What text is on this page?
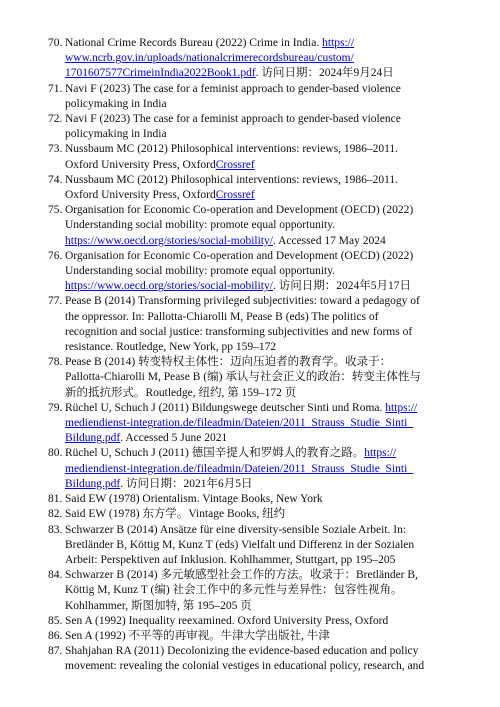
70. National Crime Records Bureau (2022) Crime in India. https://
www.ncrb.gov.in/uploads/nationalcrimerecordsbureau/custom/
1701607577CrimeinIndia2022Book1.pdf. 访问日期：2024年9月24日
71. Navi F (2023) The case for a feminist approach to gender-based violence
policymaking in India
72. Navi F (2023) The case for a feminist approach to gender-based violence
policymaking in India
73. Nussbaum MC (2012) Philosophical interventions: reviews, 1986–2011.
Oxford University Press, OxfordCrossref
74. Nussbaum MC (2012) Philosophical interventions: reviews, 1986–2011.
Oxford University Press, OxfordCrossref
75. Organisation for Economic Co-operation and Development (OECD) (2022)
Understanding social mobility: promote equal opportunity.
https://www.oecd.org/stories/social-mobility/. Accessed 17 May 2024
76. Organisation for Economic Co-operation and Development (OECD) (2022)
Understanding social mobility: promote equal opportunity.
https://www.oecd.org/stories/social-mobility/. 访问日期：2024年5月17日
77. Pease B (2014) Transforming privileged subjectivities: toward a pedagogy of
the oppressor. In: Pallotta-Chiarolli M, Pease B (eds) The politics of
recognition and social justice: transforming subjectivities and new forms of
resistance. Routledge, New York, pp 159–172
78. Pease B (2014) 转变特权主体性：迈向压迫者的教育学。收录于：
Pallotta-Chiarolli M, Pease B (编) 承认与社会正义的政治：转变主体性与
新的抵抗形式。Routledge, 纽约, 第 159–172 页
79. Rüchel U, Schuch J (2011) Bildungswege deutscher Sinti und Roma. https://
mediendienst-integration.de/fileadmin/Dateien/2011_Strauss_Studie_Sinti_
Bildung.pdf. Accessed 5 June 2021
80. Rüchel U, Schuch J (2011) 德国辛提人和罗姆人的教育之路。https://
mediendienst-integration.de/fileadmin/Dateien/2011_Strauss_Studie_Sinti_
Bildung.pdf. 访问日期：2021年6月5日
81. Said EW (1978) Orientalism. Vintage Books, New York
82. Said EW (1978) 东方学。Vintage Books, 纽约
83. Schwarzer B (2014) Ansätze für eine diversity-sensible Soziale Arbeit. In:
Bretländer B, Köttig M, Kunz T (eds) Vielfalt und Differenz in der Sozialen
Arbeit: Perspektiven auf Inklusion. Kohlhammer, Stuttgart, pp 195–205
84. Schwarzer B (2014) 多元敏感型社会工作的方法。收录于：Bretländer B,
Köttig M, Kunz T (编) 社会工作中的多元性与差异性：包容性视角。
Kohlhammer, 斯图加特, 第 195–205 页
85. Sen A (1992) Inequality reexamined. Oxford University Press, Oxford
86. Sen A (1992) 不平等的再审视。牛津大学出版社, 牛津
87. Shahjahan RA (2011) Decolonizing the evidence-based education and policy
movement: revealing the colonial vestiges in educational policy, research, and
